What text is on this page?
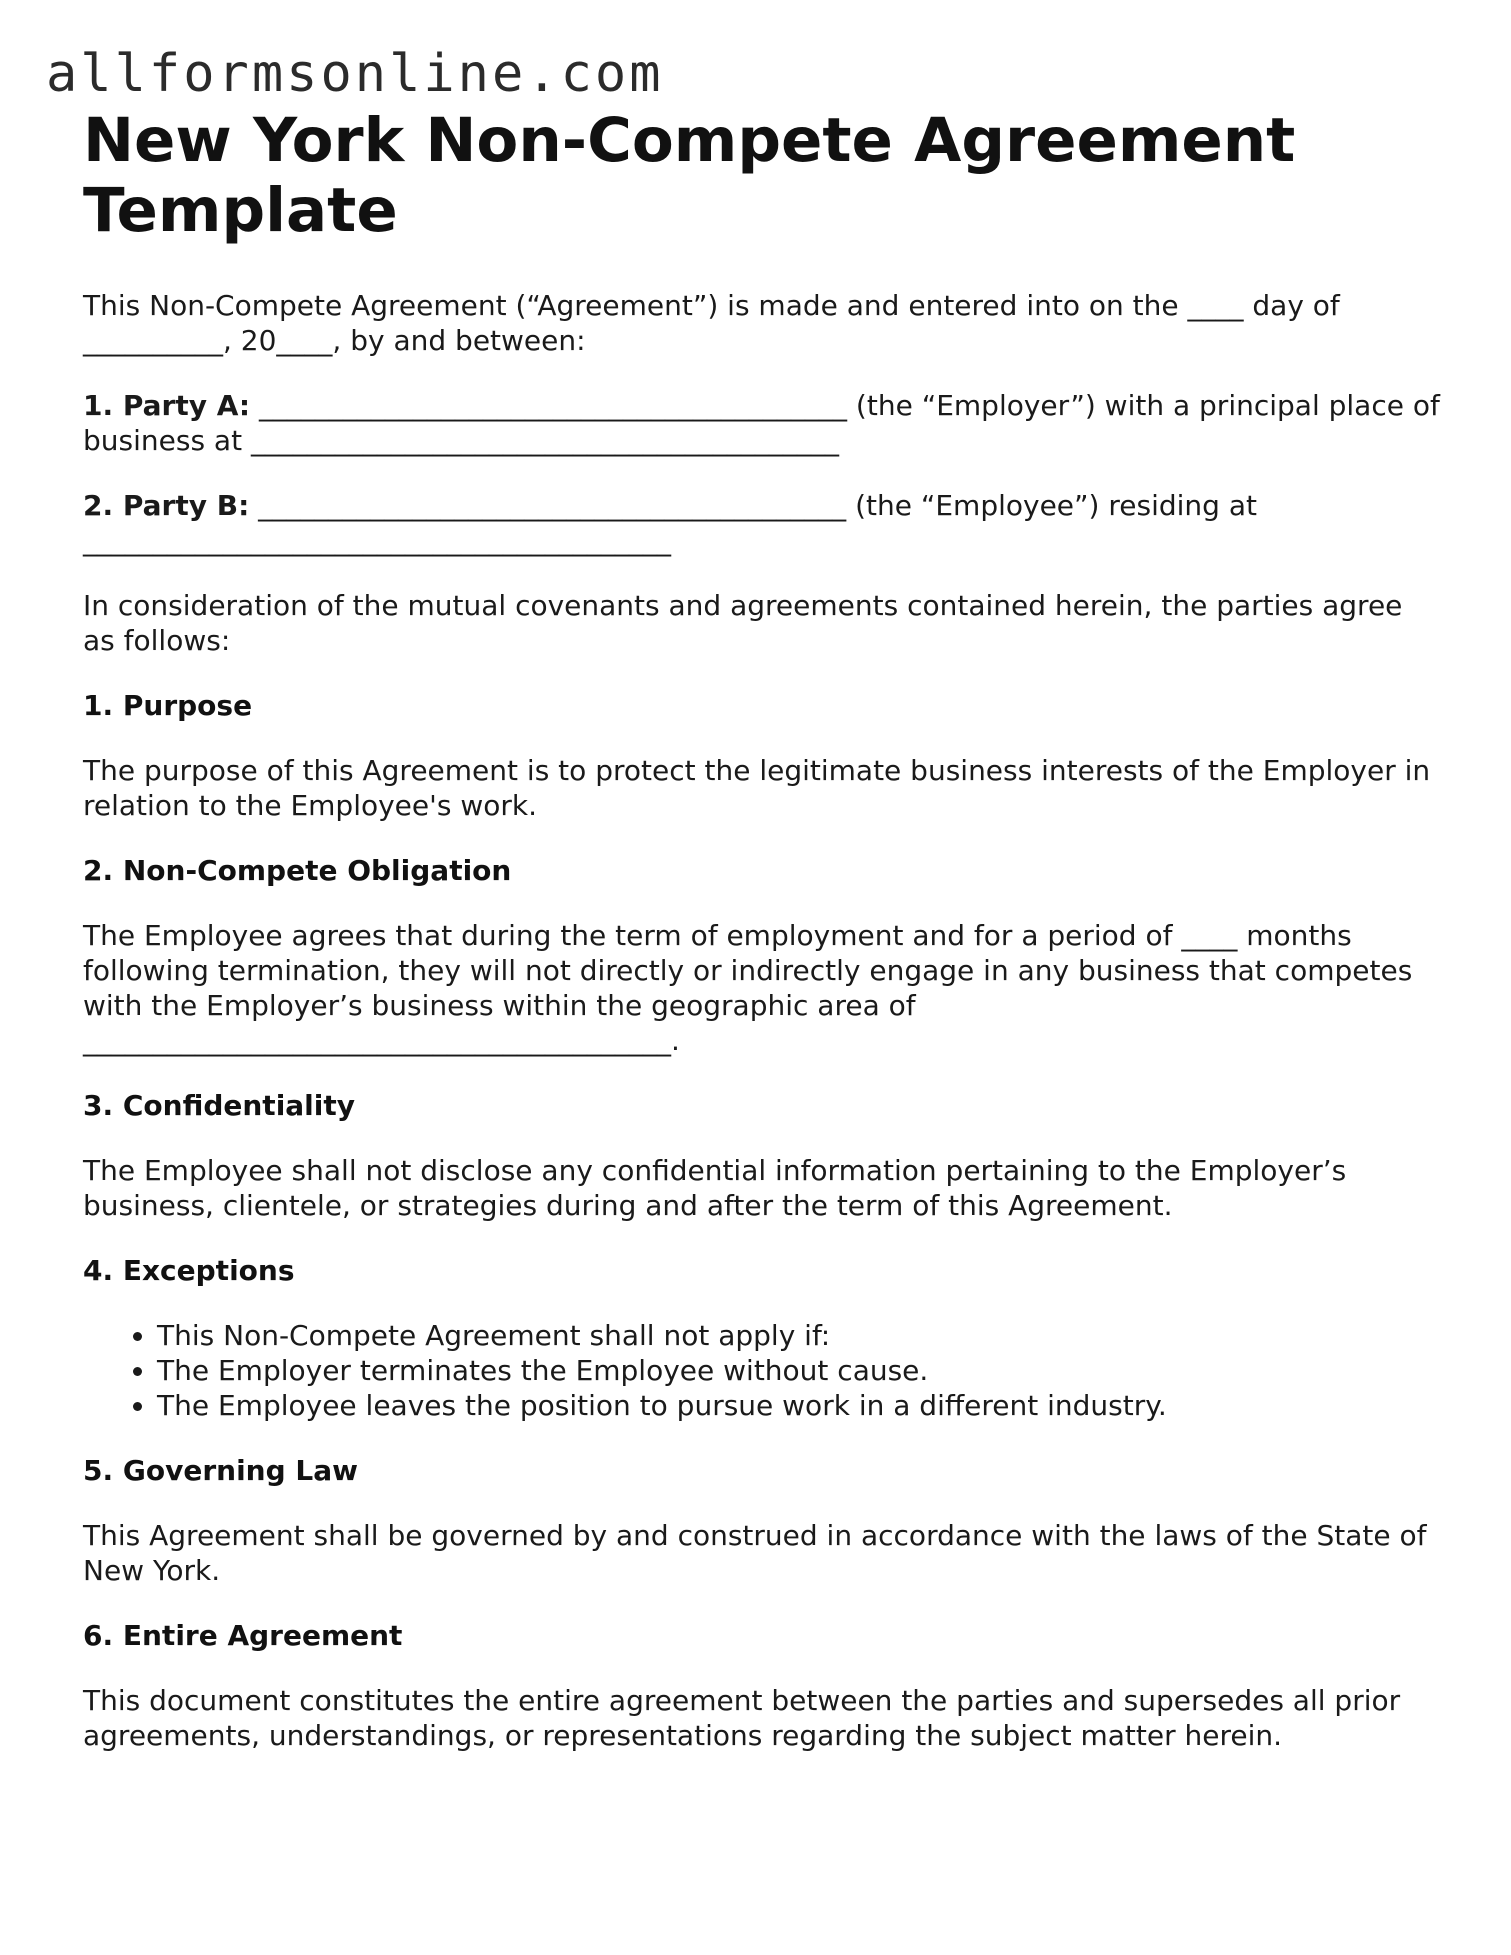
allformsonline.com
New York Non-Compete Agreement Template

This Non-Compete Agreement (“Agreement”) is made and entered into on the ____ day of __________, 20____, by and between:

1. Party A: __________________________________________ (the “Employer”) with a principal place of business at __________________________________________

2. Party B: __________________________________________ (the “Employee”) residing at __________________________________________

In consideration of the mutual covenants and agreements contained herein, the parties agree as follows:

1. Purpose

The purpose of this Agreement is to protect the legitimate business interests of the Employer in relation to the Employee's work.

2. Non-Compete Obligation

The Employee agrees that during the term of employment and for a period of ____ months following termination, they will not directly or indirectly engage in any business that competes with the Employer’s business within the geographic area of __________________________________________.

3. Confidentiality

The Employee shall not disclose any confidential information pertaining to the Employer’s business, clientele, or strategies during and after the term of this Agreement.

4. Exceptions
• This Non-Compete Agreement shall not apply if:
• The Employer terminates the Employee without cause.
• The Employee leaves the position to pursue work in a different industry.
5. Governing Law

This Agreement shall be governed by and construed in accordance with the laws of the State of New York.

6. Entire Agreement

This document constitutes the entire agreement between the parties and supersedes all prior agreements, understandings, or representations regarding the subject matter herein.
